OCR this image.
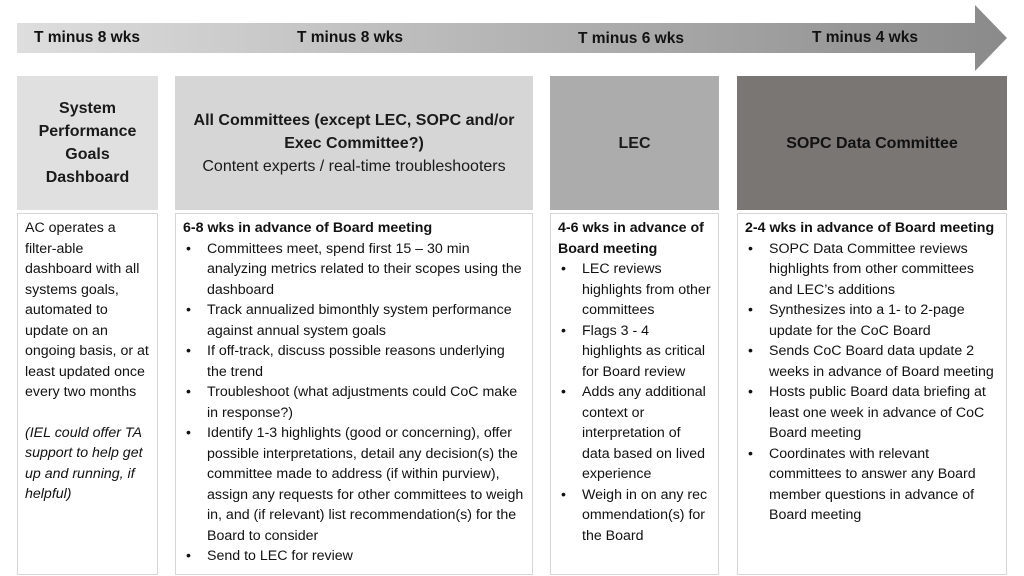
T minus 8 wks	T minus 8 wks	T minus 6 wks	T minus 4 wks
System Performance Goals Dashboard
AC operates a filter-able dashboard with all systems goals, automated to update on an ongoing basis, or at least updated once every two months
(IEL could offer TA support to help get up and running, if helpful)
All Committees (except LEC, SOPC and/or Exec Committee?)
Content experts / real-time troubleshooters
6-8 wks in advance of Board meeting
• Committees meet, spend first 15 – 30 min analyzing metrics related to their scopes using the dashboard
• Track annualized bimonthly system performance against annual system goals
• If off-track, discuss possible reasons underlying the trend
• Troubleshoot (what adjustments could CoC make in response?)
• Identify 1-3 highlights (good or concerning), offer possible interpretations, detail any decision(s) the committee made to address (if within purview), assign any requests for other committees to weigh in, and (if relevant) list recommendation(s) for the Board to consider
• Send to LEC for review
LEC
4-6 wks in advance of Board meeting
• LEC reviews highlights from other committees
• Flags 3 - 4 highlights as critical for Board review
• Adds any additional context or interpretation of data based on lived experience
• Weigh in on any recommendation(s) for the Board
SOPC Data Committee
2-4 wks in advance of Board meeting
• SOPC Data Committee reviews highlights from other committees and LEC’s additions
• Synthesizes into a 1- to 2-page update for the CoC Board
• Sends CoC Board data update 2 weeks in advance of Board meeting
• Hosts public Board data briefing at least one week in advance of CoC Board meeting
• Coordinates with relevant committees to answer any Board member questions in advance of Board meeting
